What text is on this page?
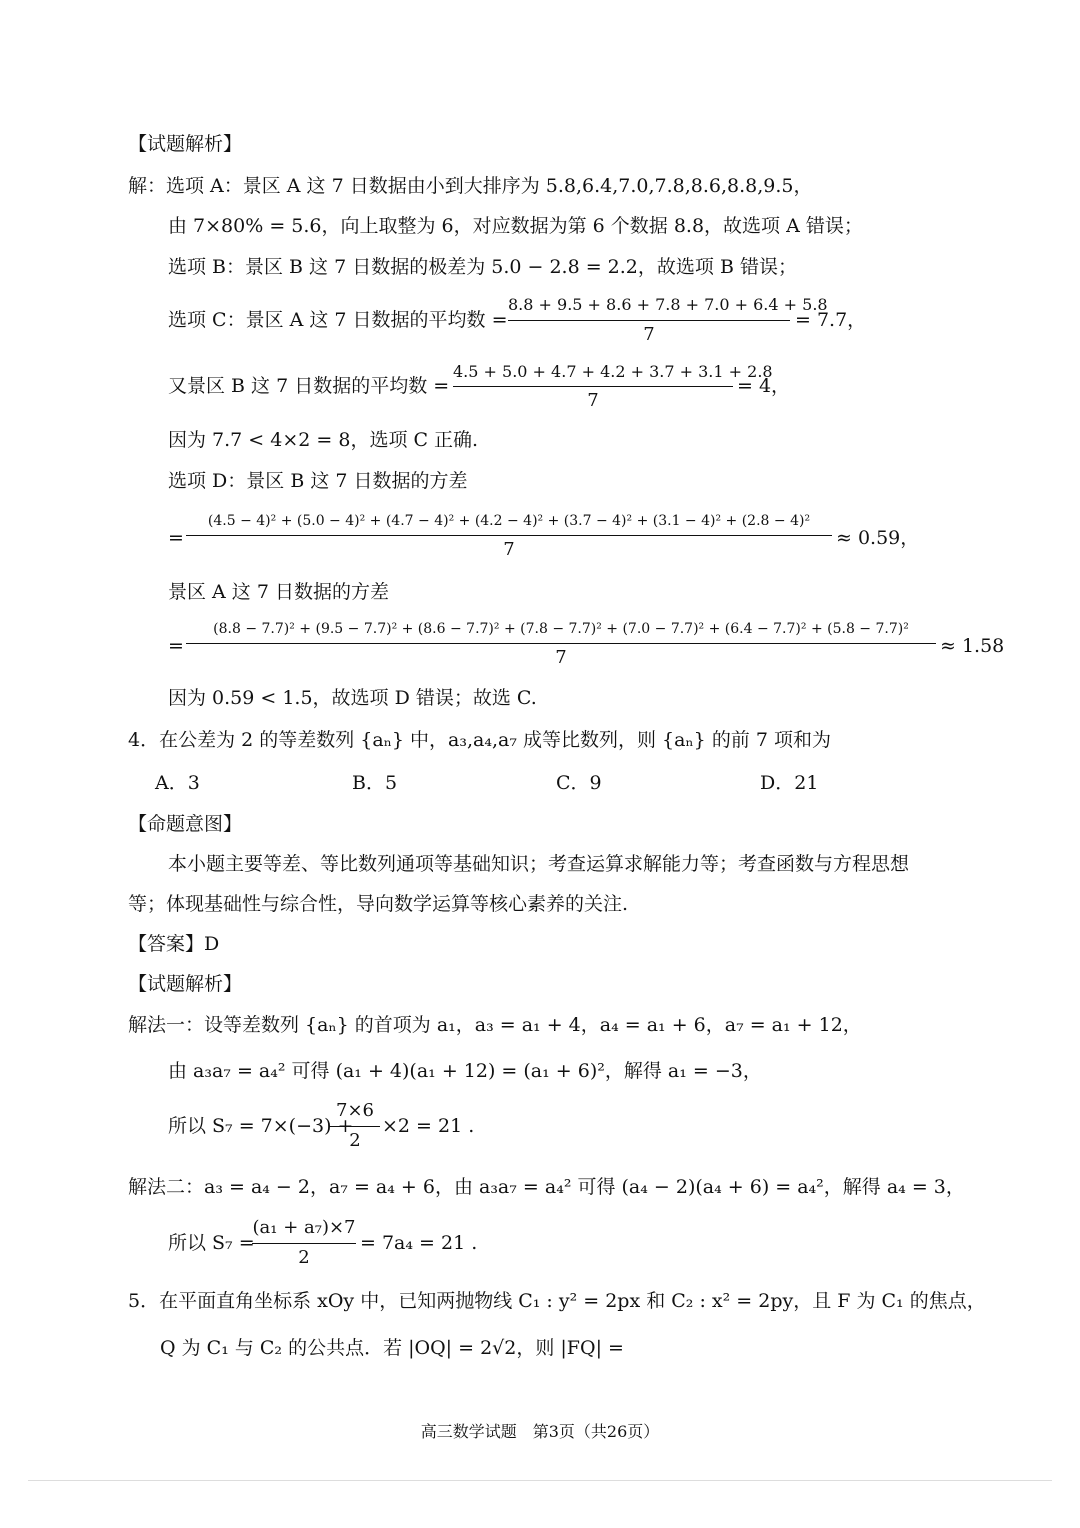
【试题解析】
解：选项 A：景区 A 这 7 日数据由小到大排序为 5.8,6.4,7.0,7.8,8.6,8.8,9.5，
由 7×80% = 5.6，向上取整为 6，对应数据为第 6 个数据 8.8，故选项 A 错误；
选项 B：景区 B 这 7 日数据的极差为 5.0 − 2.8 = 2.2，故选项 B 错误；
选项 C：景区 A 这 7 日数据的平均数 =
8.8 + 9.5 + 8.6 + 7.8 + 7.0 + 6.4 + 5.8
7
= 7.7，
又景区 B 这 7 日数据的平均数 =
4.5 + 5.0 + 4.7 + 4.2 + 3.7 + 3.1 + 2.8
7
= 4，
因为 7.7 < 4×2 = 8，选项 C 正确.
选项 D：景区 B 这 7 日数据的方差
=
(4.5 − 4)² + (5.0 − 4)² + (4.7 − 4)² + (4.2 − 4)² + (3.7 − 4)² + (3.1 − 4)² + (2.8 − 4)²
7
≈ 0.59，
景区 A 这 7 日数据的方差
=
(8.8 − 7.7)² + (9.5 − 7.7)² + (8.6 − 7.7)² + (7.8 − 7.7)² + (7.0 − 7.7)² + (6.4 − 7.7)² + (5.8 − 7.7)²
7
≈ 1.58
因为 0.59 < 1.5，故选项 D 错误；故选 C.
4．在公差为 2 的等差数列 {aₙ} 中，a₃,a₄,a₇ 成等比数列，则 {aₙ} 的前 7 项和为
A．3	B．5	C．9	D．21
【命题意图】
本小题主要等差、等比数列通项等基础知识；考查运算求解能力等；考查函数与方程思想
等；体现基础性与综合性，导向数学运算等核心素养的关注.
【答案】D
【试题解析】
解法一：设等差数列 {aₙ} 的首项为 a₁，a₃ = a₁ + 4，a₄ = a₁ + 6，a₇ = a₁ + 12，
由 a₃a₇ = a₄² 可得 (a₁ + 4)(a₁ + 12) = (a₁ + 6)²，解得 a₁ = −3，
所以 S₇ = 7×(−3) +
7×6
2
×2 = 21 .
解法二：a₃ = a₄ − 2，a₇ = a₄ + 6，由 a₃a₇ = a₄² 可得 (a₄ − 2)(a₄ + 6) = a₄²，解得 a₄ = 3，
所以 S₇ =
(a₁ + a₇)×7
2
= 7a₄ = 21 .
5．在平面直角坐标系 xOy 中，已知两抛物线 C₁ : y² = 2px 和 C₂ : x² = 2py，且 F 为 C₁ 的焦点，
Q 为 C₁ 与 C₂ 的公共点．若 |OQ| = 2√2，则 |FQ| =
高三数学试题　第3页（共26页）
